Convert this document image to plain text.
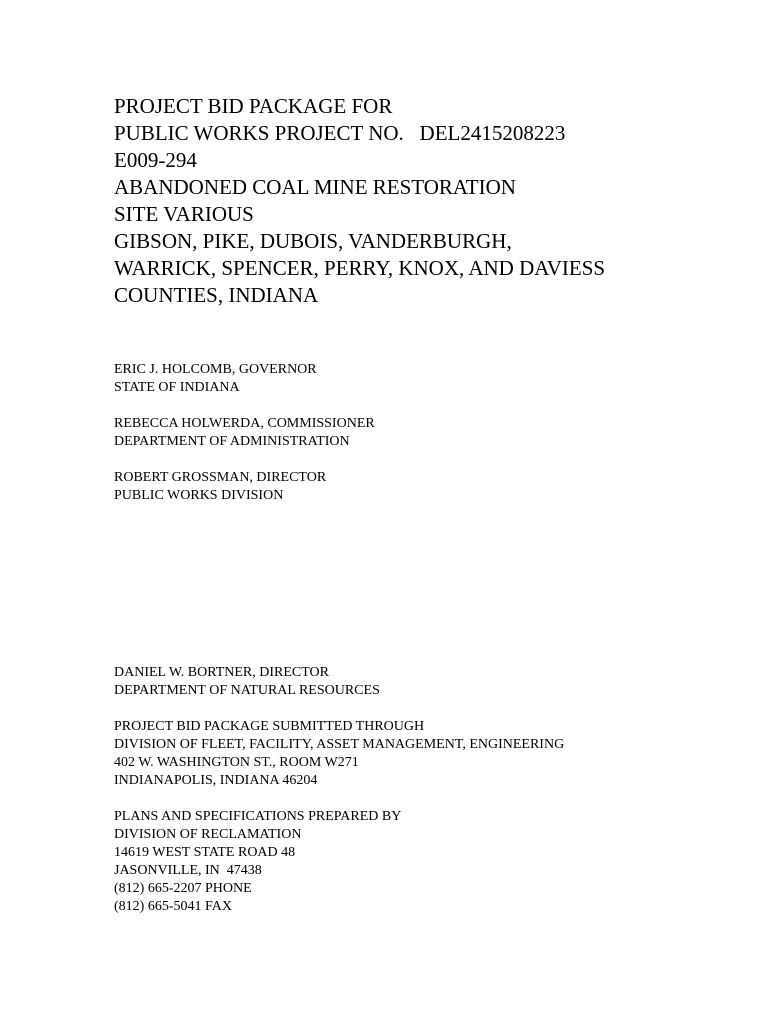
PROJECT BID PACKAGE FOR
PUBLIC WORKS PROJECT NO.   DEL2415208223
E009-294
ABANDONED COAL MINE RESTORATION
SITE VARIOUS
GIBSON, PIKE, DUBOIS, VANDERBURGH,
WARRICK, SPENCER, PERRY, KNOX, AND DAVIESS
COUNTIES, INDIANA
ERIC J. HOLCOMB, GOVERNOR
STATE OF INDIANA
REBECCA HOLWERDA, COMMISSIONER
DEPARTMENT OF ADMINISTRATION
ROBERT GROSSMAN, DIRECTOR
PUBLIC WORKS DIVISION
DANIEL W. BORTNER, DIRECTOR
DEPARTMENT OF NATURAL RESOURCES
PROJECT BID PACKAGE SUBMITTED THROUGH
DIVISION OF FLEET, FACILITY, ASSET MANAGEMENT, ENGINEERING
402 W. WASHINGTON ST., ROOM W271
INDIANAPOLIS, INDIANA 46204
PLANS AND SPECIFICATIONS PREPARED BY
DIVISION OF RECLAMATION
14619 WEST STATE ROAD 48
JASONVILLE, IN  47438
(812) 665-2207 PHONE
(812) 665-5041 FAX
